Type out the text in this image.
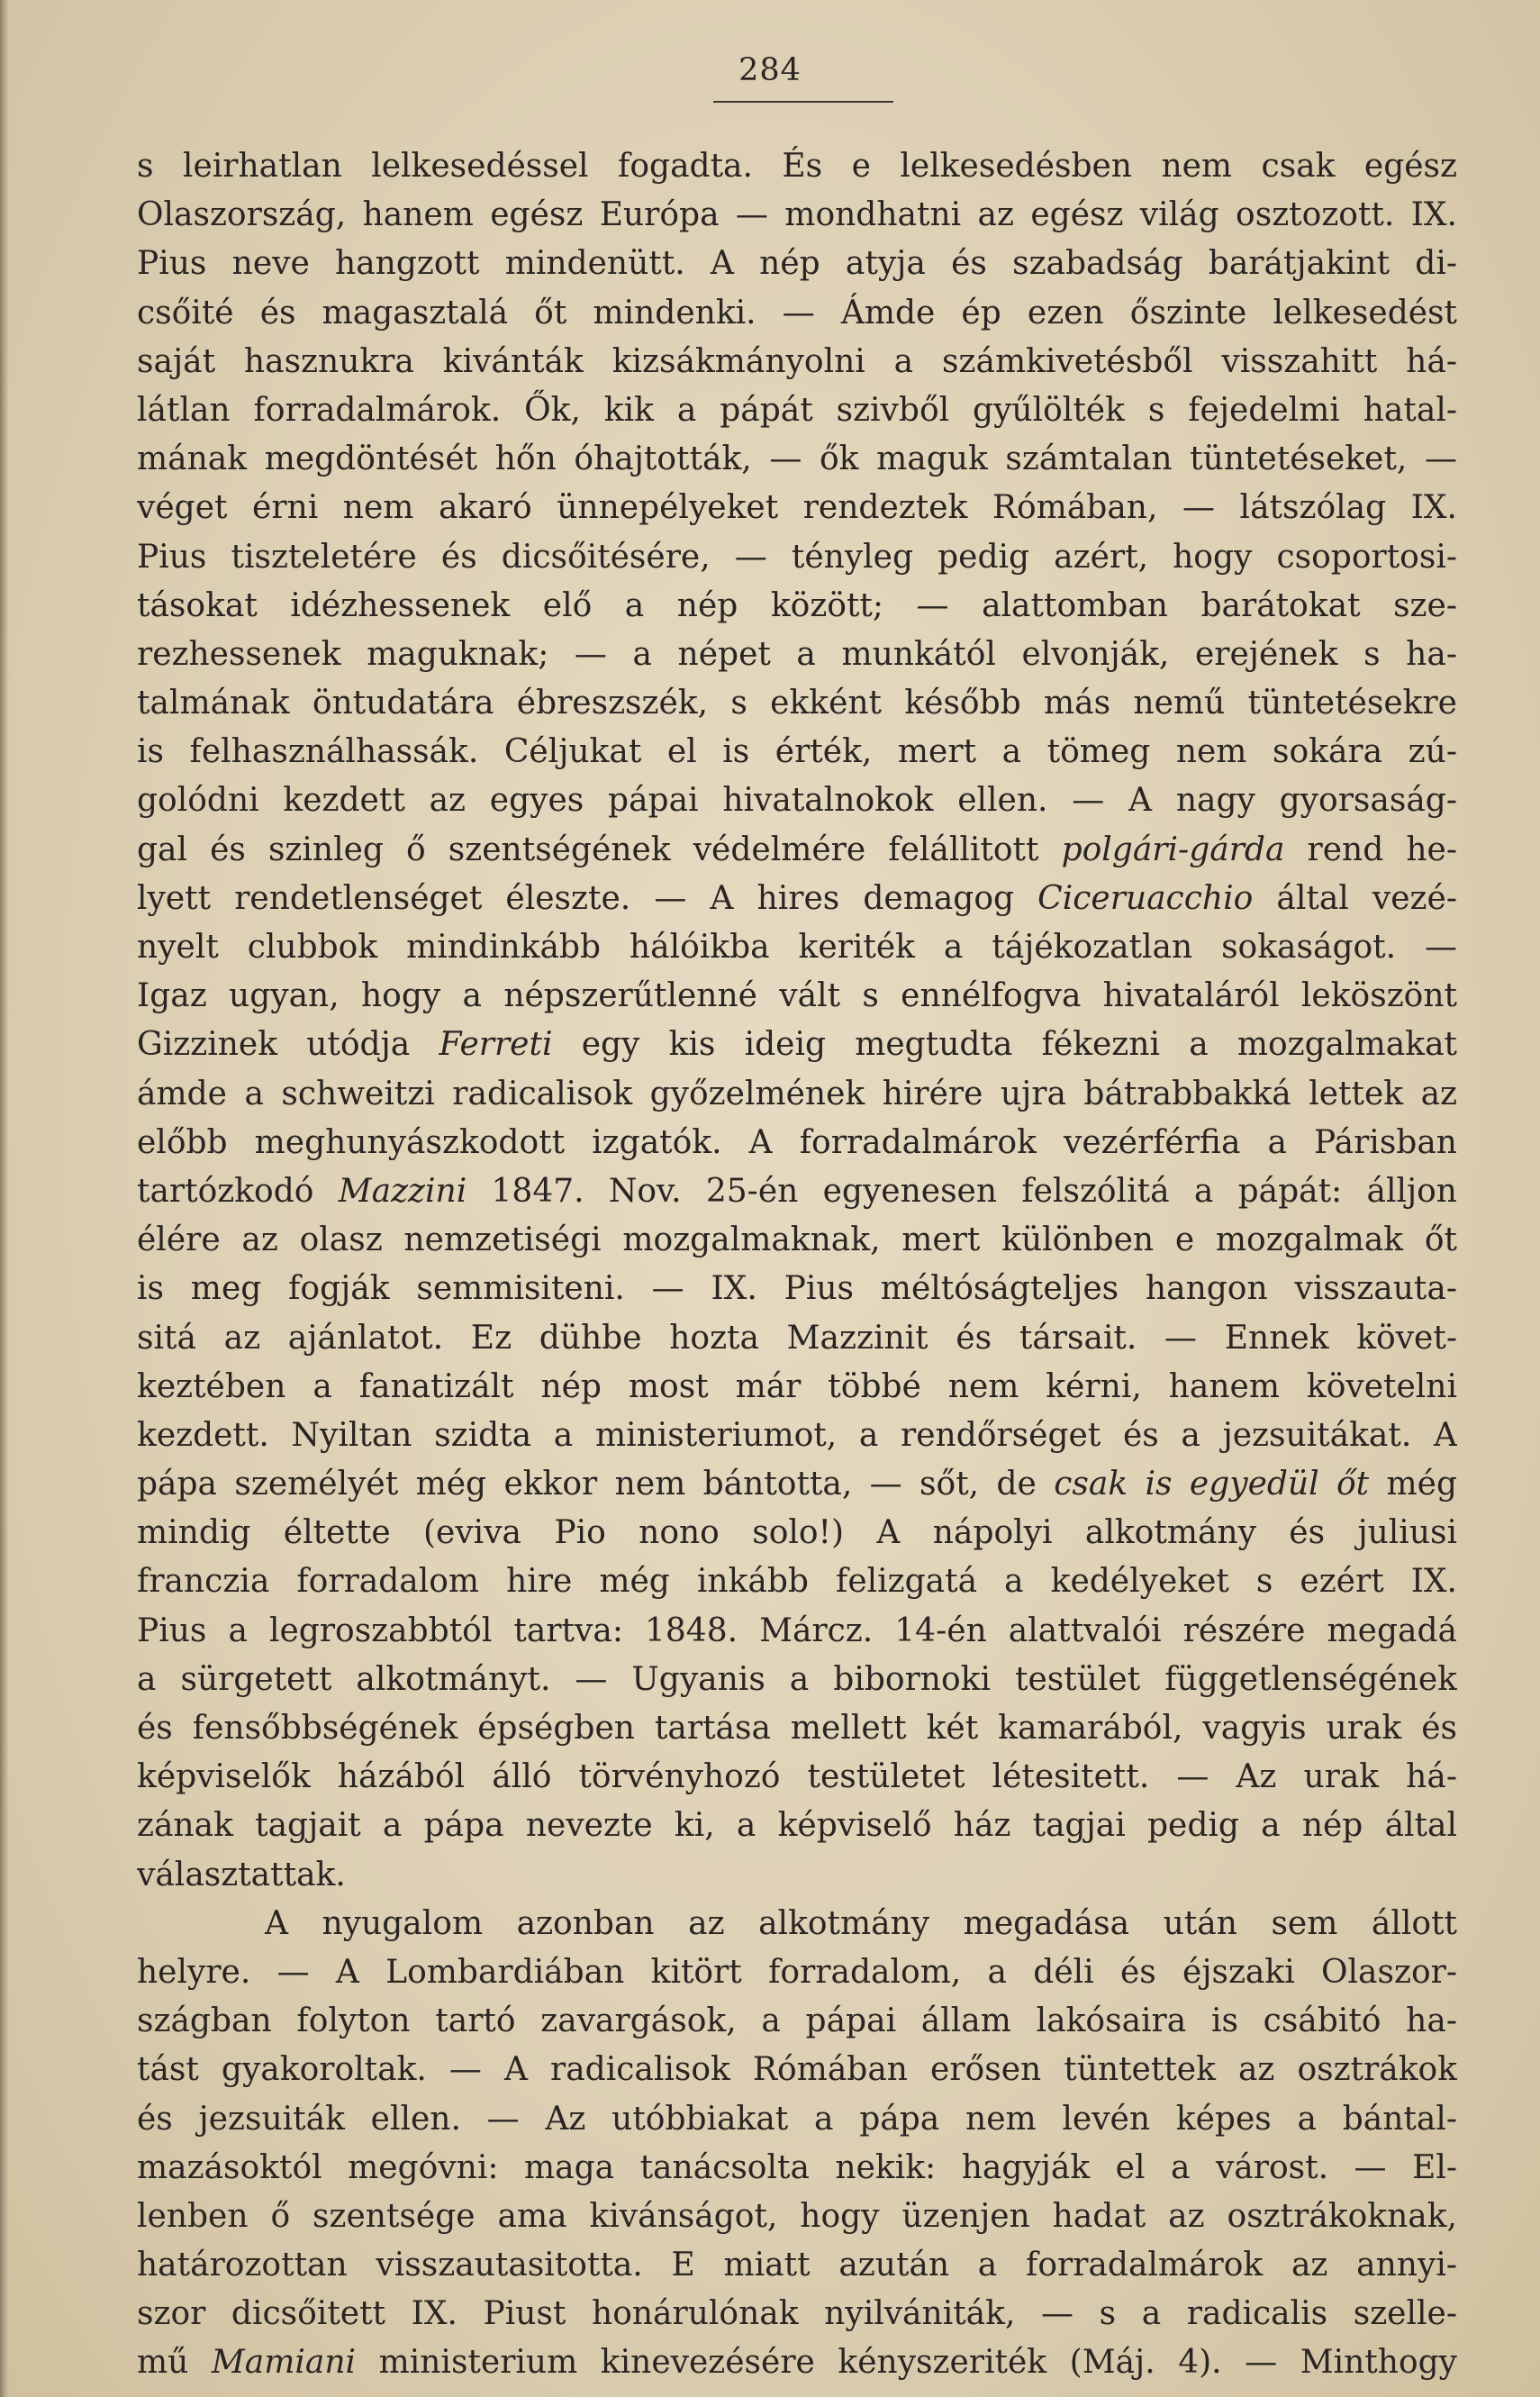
284
s leirhatlan lelkesedéssel fogadta. És e lelkesedésben nem csak egész
Olaszország, hanem egész Európa — mondhatni az egész világ osztozott. IX.
Pius neve hangzott mindenütt. A nép atyja és szabadság barátjakint di-
csőité és magasztalá őt mindenki. — Ámde ép ezen őszinte lelkesedést
saját hasznukra kivánták kizsákmányolni a számkivetésből visszahitt há-
látlan forradalmárok. Ők, kik a pápát szivből gyűlölték s fejedelmi hatal-
mának megdöntését hőn óhajtották, — ők maguk számtalan tüntetéseket, —
véget érni nem akaró ünnepélyeket rendeztek Rómában, — látszólag IX.
Pius tiszteletére és dicsőitésére, — tényleg pedig azért, hogy csoportosi-
tásokat idézhessenek elő a nép között; — alattomban barátokat sze-
rezhessenek maguknak; — a népet a munkától elvonják, erejének s ha-
talmának öntudatára ébreszszék, s ekként később más nemű tüntetésekre
is felhasználhassák. Céljukat el is érték, mert a tömeg nem sokára zú-
golódni kezdett az egyes pápai hivatalnokok ellen. — A nagy gyorsaság-
gal és szinleg ő szentségének védelmére felállitott polgári-gárda rend he-
lyett rendetlenséget éleszte. — A hires demagog Ciceruacchio által vezé-
nyelt clubbok mindinkább hálóikba keriték a tájékozatlan sokaságot. —
Igaz ugyan, hogy a népszerűtlenné vált s ennélfogva hivataláról leköszönt
Gizzinek utódja Ferreti egy kis ideig megtudta fékezni a mozgalmakat
ámde a schweitzi radicalisok győzelmének hirére ujra bátrabbakká lettek az
előbb meghunyászkodott izgatók. A forradalmárok vezérférfia a Párisban
tartózkodó Mazzini 1847. Nov. 25-én egyenesen felszólitá a pápát: álljon
élére az olasz nemzetiségi mozgalmaknak, mert különben e mozgalmak őt
is meg fogják semmisiteni. — IX. Pius méltóságteljes hangon visszauta-
sitá az ajánlatot. Ez dühbe hozta Mazzinit és társait. — Ennek követ-
keztében a fanatizált nép most már többé nem kérni, hanem követelni
kezdett. Nyiltan szidta a ministeriumot, a rendőrséget és a jezsuitákat. A
pápa személyét még ekkor nem bántotta, — sőt, de csak is egyedül őt még
mindig éltette (eviva Pio nono solo!) A nápolyi alkotmány és juliusi
franczia forradalom hire még inkább felizgatá a kedélyeket s ezért IX.
Pius a legroszabbtól tartva: 1848. Márcz. 14-én alattvalói részére megadá
a sürgetett alkotmányt. — Ugyanis a bibornoki testület függetlenségének
és fensőbbségének épségben tartása mellett két kamarából, vagyis urak és
képviselők házából álló törvényhozó testületet létesitett. — Az urak há-
zának tagjait a pápa nevezte ki, a képviselő ház tagjai pedig a nép által
választattak.
A nyugalom azonban az alkotmány megadása után sem állott
helyre. — A Lombardiában kitört forradalom, a déli és éjszaki Olaszor-
szágban folyton tartó zavargások, a pápai állam lakósaira is csábitó ha-
tást gyakoroltak. — A radicalisok Rómában erősen tüntettek az osztrákok
és jezsuiták ellen. — Az utóbbiakat a pápa nem levén képes a bántal-
mazásoktól megóvni: maga tanácsolta nekik: hagyják el a várost. — El-
lenben ő szentsége ama kivánságot, hogy üzenjen hadat az osztrákoknak,
határozottan visszautasitotta. E miatt azután a forradalmárok az annyi-
szor dicsőitett IX. Piust honárulónak nyilvániták, — s a radicalis szelle-
mű Mamiani ministerium kinevezésére kényszeriték (Máj. 4). — Minthogy
